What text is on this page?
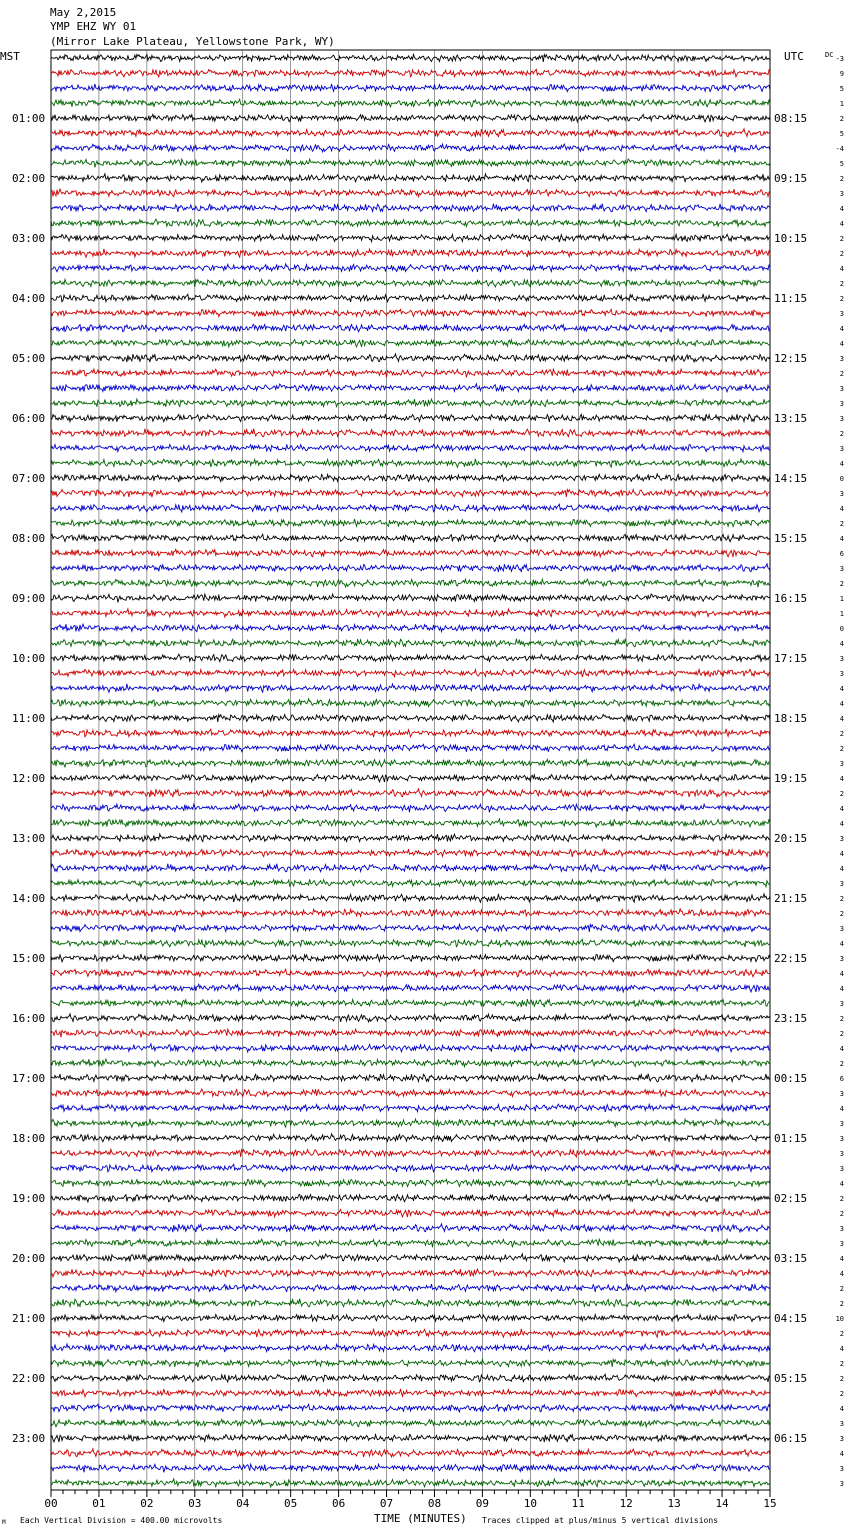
May 2,2015
YMP EHZ WY 01
(Mirror Lake Plateau, Yellowstone Park, WY)
MST	UTC	DC
01:00
02:00
03:00
04:00
05:00
06:00
07:00
08:00
09:00
10:00
11:00
12:00
13:00
14:00
15:00
16:00
17:00
18:00
19:00
20:00
21:00
22:00
23:00
08:15
09:15
10:15
11:15
12:15
13:15
14:15
15:15
16:15
17:15
18:15
19:15
20:15
21:15
22:15
23:15
00:15
01:15
02:15
03:15
04:15
05:15
06:15
-3
9
5
1
2
5
-4
5
2
3
4
4
2
2
4
2
2
3
4
4
3
2
3
3
3
2
3
4
0
3
4
2
4
6
3
2
1
1
0
4
3
3
4
4
4
2
2
3
4
2
4
4
3
4
4
3
2
2
3
4
3
4
4
3
2
2
4
2
6
3
4
3
3
3
3
4
2
2
3
3
4
4
2
2
10
2
4
2
2
2
4
3
3
4
3
3
00	01	02	03	04	05	06	07	08	09	10	11	12	13	14	15
M Each Vertical Division = 400.00 microvolts	TIME (MINUTES) Traces clipped at plus/minus 5 vertical divisions
